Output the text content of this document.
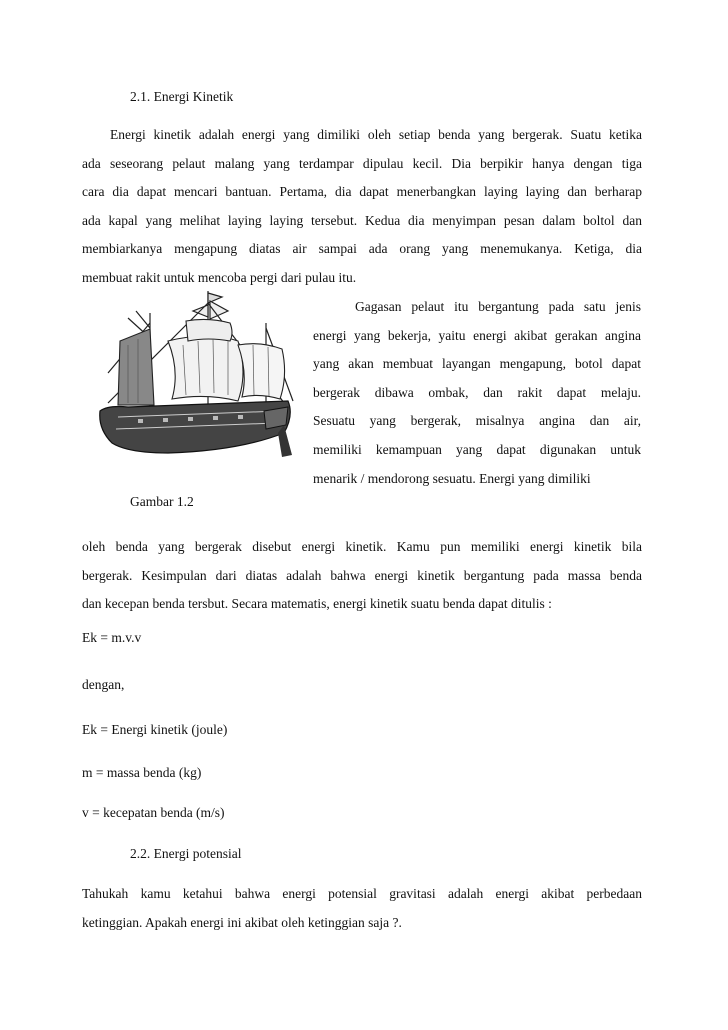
2.1. Energi Kinetik
Energi kinetik adalah energi yang dimiliki oleh setiap benda yang bergerak. Suatu ketika
ada seseorang pelaut malang yang terdampar dipulau kecil. Dia berpikir hanya dengan tiga
cara dia dapat mencari bantuan. Pertama, dia dapat menerbangkan laying laying dan berharap
ada kapal yang melihat laying laying tersebut. Kedua dia menyimpan pesan dalam boltol dan
membiarkanya mengapung diatas air sampai ada orang yang menemukanya. Ketiga, dia
membuat rakit untuk mencoba pergi dari pulau itu.
Gagasan pelaut itu bergantung pada satu jenis
energi yang bekerja, yaitu energi akibat gerakan angina
yang akan membuat layangan mengapung, botol dapat
bergerak dibawa ombak, dan rakit dapat melaju.
Sesuatu yang bergerak, misalnya angina dan air,
memiliki kemampuan yang dapat digunakan untuk
menarik / mendorong sesuatu. Energi yang dimiliki
Gambar 1.2
oleh benda yang bergerak disebut energi kinetik. Kamu pun memiliki energi kinetik bila
bergerak. Kesimpulan dari diatas adalah bahwa energi kinetik bergantung pada massa benda
dan kecepan benda tersbut. Secara matematis, energi kinetik suatu benda dapat ditulis :
Ek = m.v.v
dengan,
Ek = Energi kinetik (joule)
m = massa benda (kg)
v = kecepatan benda (m/s)
2.2. Energi potensial
Tahukah kamu ketahui bahwa energi potensial gravitasi adalah energi akibat perbedaan
ketinggian. Apakah energi ini akibat oleh ketinggian saja ?.
